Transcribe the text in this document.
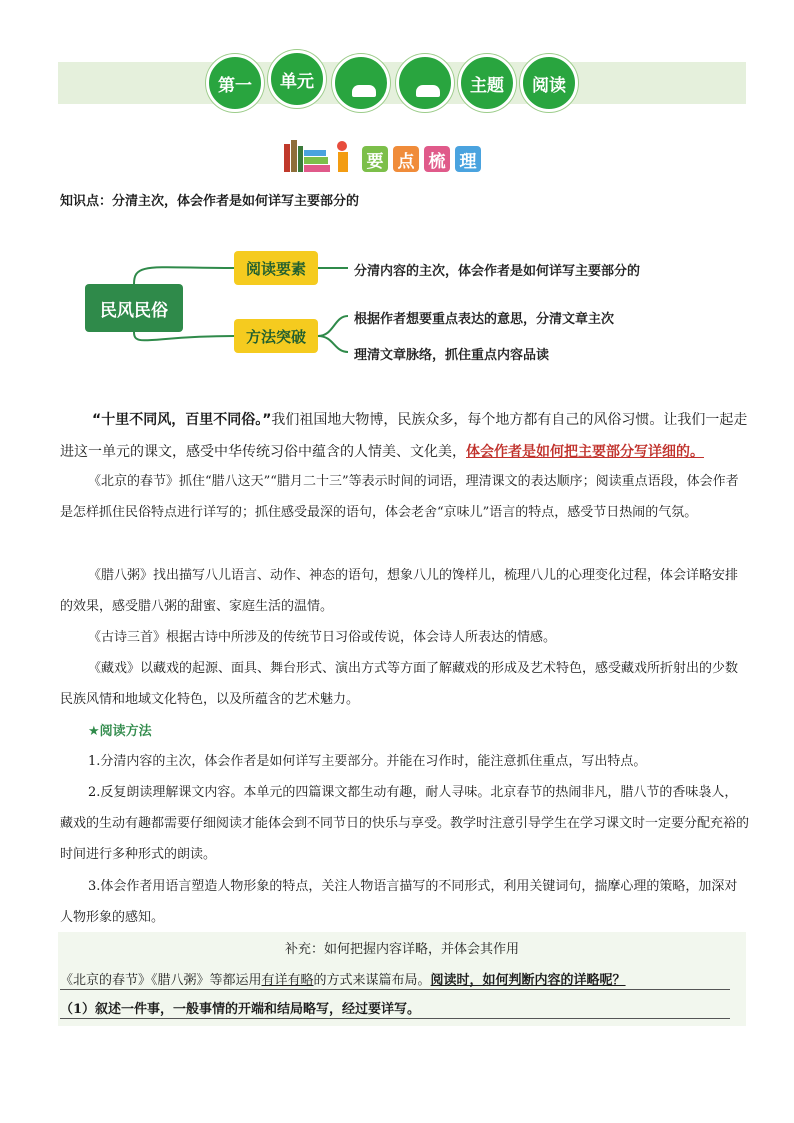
第一 单元	主题 阅读
要 点 梳 理
知识点：分清主次，体会作者是如何详写主要部分的
民风民俗
阅读要素
方法突破
分清内容的主次，体会作者是如何详写主要部分的
根据作者想要重点表达的意思，分清文章主次
理清文章脉络，抓住重点内容品读
“十里不同风，百里不同俗。”我们祖国地大物博，民族众多，每个地方都有自己的风俗习惯。让我们一起走进这一单元的课文，感受中华传统习俗中蕴含的人情美、文化美，体会作者是如何把主要部分写详细的。
《北京的春节》抓住“腊八这天”“腊月二十三”等表示时间的词语，理清课文的表达顺序；阅读重点语段，体会作者是怎样抓住民俗特点进行详写的；抓住感受最深的语句，体会老舍“京味儿”语言的特点，感受节日热闹的气氛。
《腊八粥》找出描写八儿语言、动作、神态的语句，想象八儿的馋样儿，梳理八儿的心理变化过程，体会详略安排的效果，感受腊八粥的甜蜜、家庭生活的温情。
《古诗三首》根据古诗中所涉及的传统节日习俗或传说，体会诗人所表达的情感。
《藏戏》以藏戏的起源、面具、舞台形式、演出方式等方面了解藏戏的形成及艺术特色，感受藏戏所折射出的少数民族风情和地域文化特色，以及所蕴含的艺术魅力。
★阅读方法
1.分清内容的主次，体会作者是如何详写主要部分。并能在习作时，能注意抓住重点，写出特点。
2.反复朗读理解课文内容。本单元的四篇课文都生动有趣，耐人寻味。北京春节的热闹非凡，腊八节的香味袅人，藏戏的生动有趣都需要仔细阅读才能体会到不同节日的快乐与享受。教学时注意引导学生在学习课文时一定要分配充裕的时间进行多种形式的朗读。
3.体会作者用语言塑造人物形象的特点，关注人物语言描写的不同形式，利用关键词句，揣摩心理的策略，加深对人物形象的感知。
补充：如何把握内容详略，并体会其作用
《北京的春节》《腊八粥》等都运用有详有略的方式来谋篇布局。阅读时，如何判断内容的详略呢？
（1）叙述一件事，一般事情的开端和结局略写，经过要详写。
